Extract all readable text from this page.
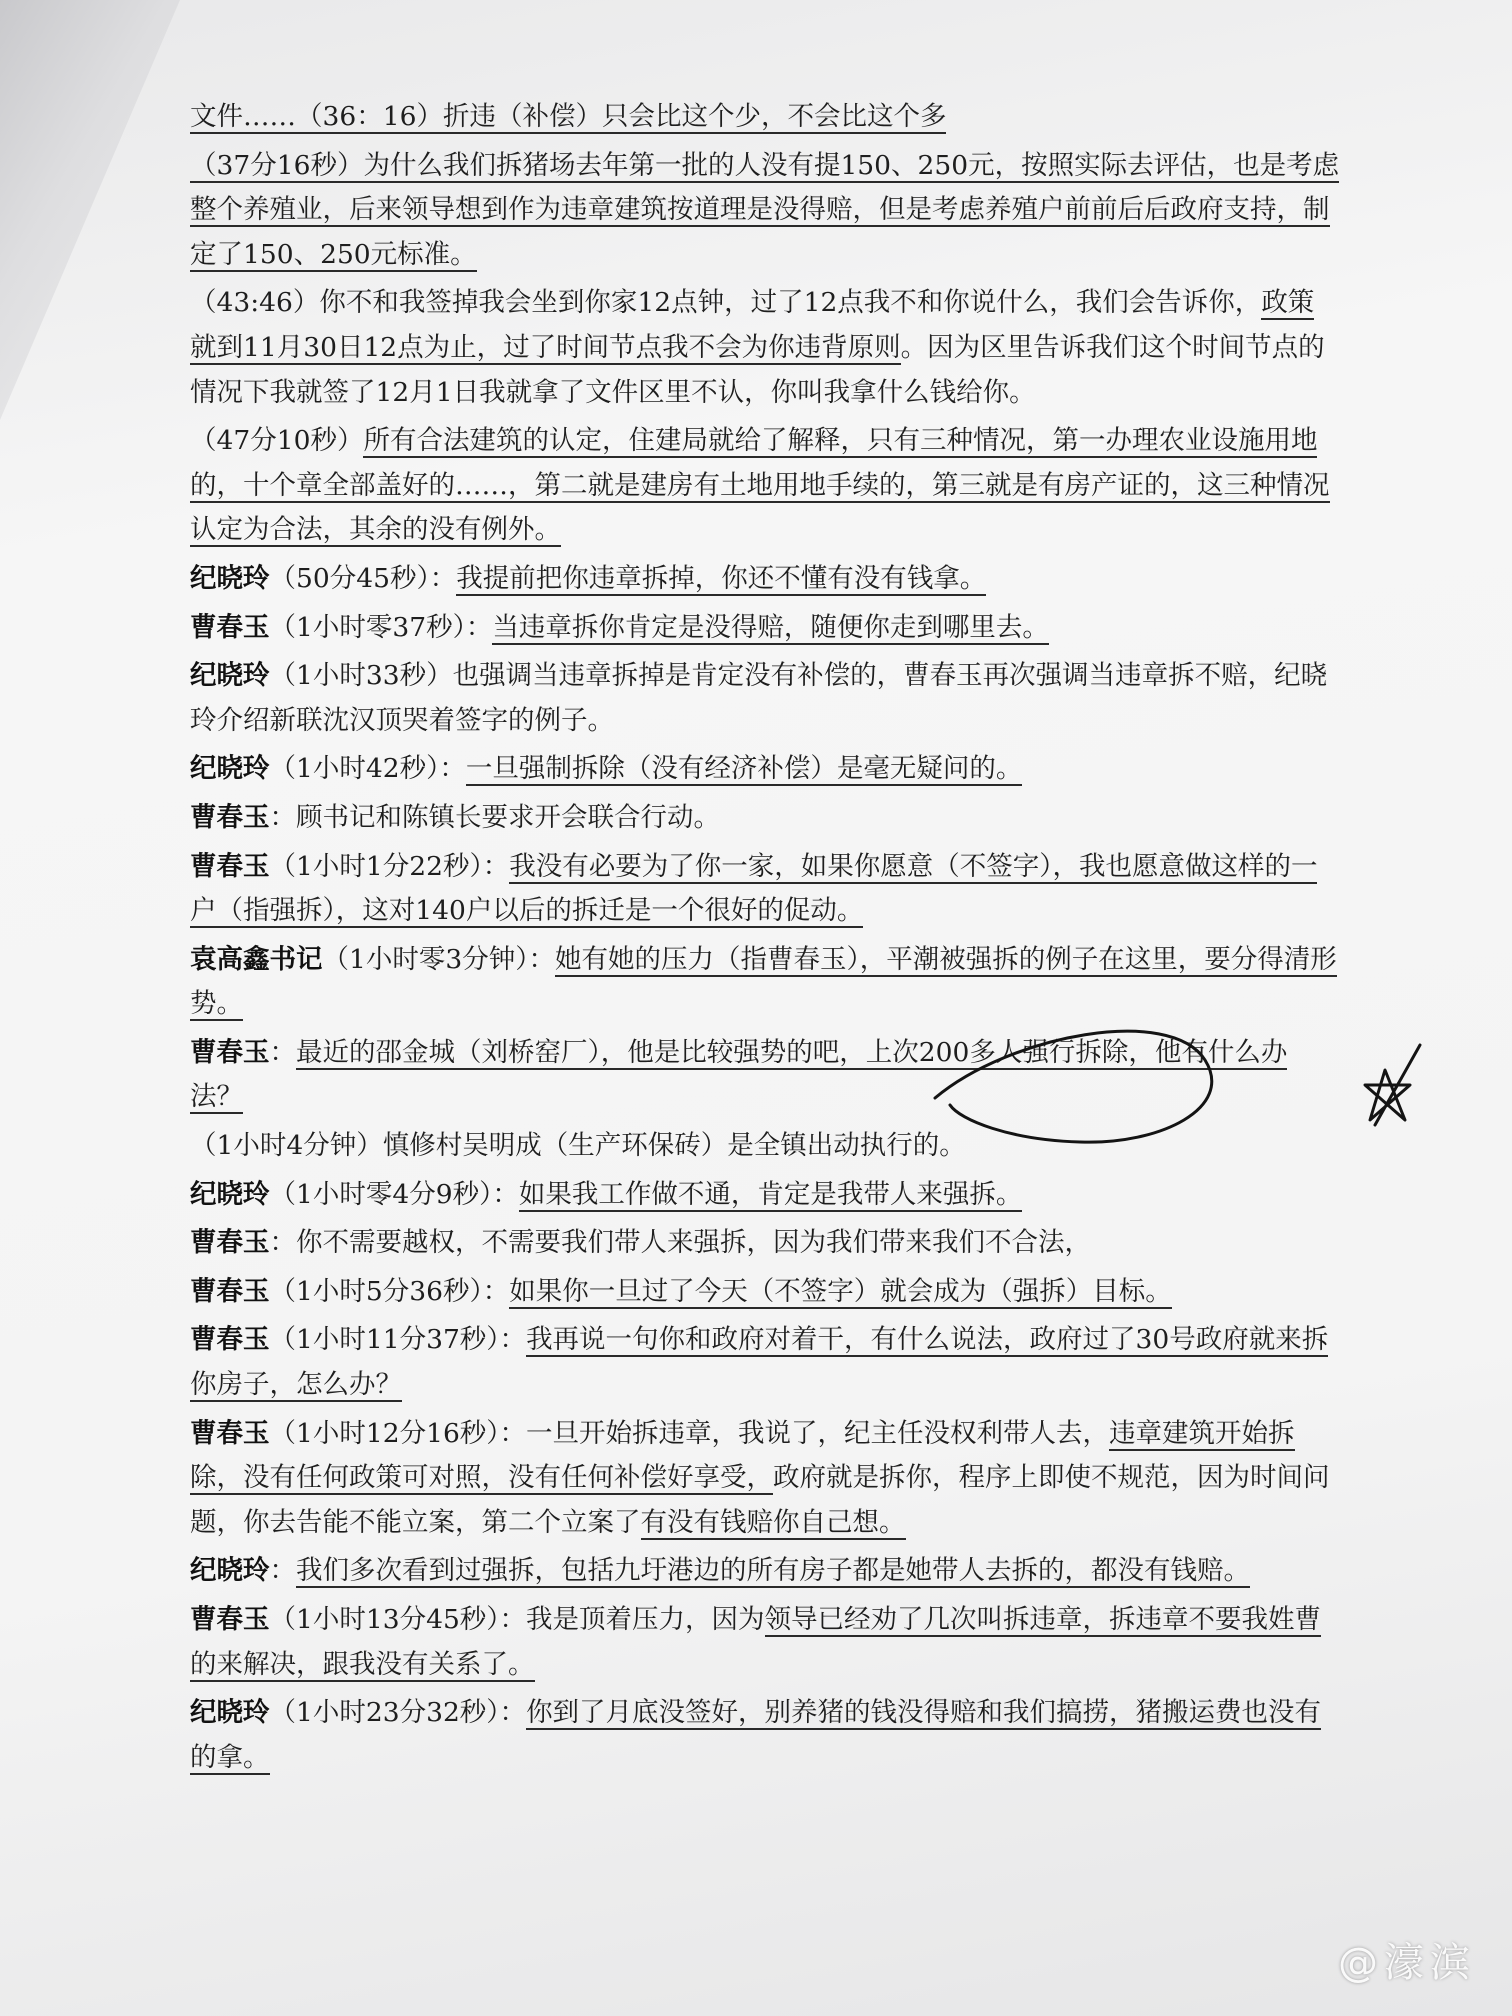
文件……（36：16）折违（补偿）只会比这个少，不会比这个多

（37分16秒）为什么我们拆猪场去年第一批的人没有提150、250元，按照实际去评估，也是考虑整个养殖业，后来领导想到作为违章建筑按道理是没得赔，但是考虑养殖户前前后后政府支持，制定了150、250元标准。

（43:46）你不和我签掉我会坐到你家12点钟，过了12点我不和你说什么，我们会告诉你，政策就到11月30日12点为止，过了时间节点我不会为你违背原则。因为区里告诉我们这个时间节点的情况下我就签了12月1日我就拿了文件区里不认，你叫我拿什么钱给你。

（47分10秒）所有合法建筑的认定，住建局就给了解释，只有三种情况，第一办理农业设施用地的，十个章全部盖好的……，第二就是建房有土地用地手续的，第三就是有房产证的，这三种情况认定为合法，其余的没有例外。

纪晓玲（50分45秒）：我提前把你违章拆掉，你还不懂有没有钱拿。

曹春玉（1小时零37秒）：当违章拆你肯定是没得赔，随便你走到哪里去。

纪晓玲（1小时33秒）也强调当违章拆掉是肯定没有补偿的，曹春玉再次强调当违章拆不赔，纪晓玲介绍新联沈汉顶哭着签字的例子。

纪晓玲（1小时42秒）：一旦强制拆除（没有经济补偿）是毫无疑问的。

曹春玉：顾书记和陈镇长要求开会联合行动。

曹春玉（1小时1分22秒）：我没有必要为了你一家，如果你愿意（不签字），我也愿意做这样的一户（指强拆），这对140户以后的拆迁是一个很好的促动。

袁高鑫书记（1小时零3分钟）：她有她的压力（指曹春玉），平潮被强拆的例子在这里，要分得清形势。

曹春玉：最近的邵金城（刘桥窑厂），他是比较强势的吧，上次200多人强行拆除，他有什么办法？

（1小时4分钟）慎修村吴明成（生产环保砖）是全镇出动执行的。

纪晓玲（1小时零4分9秒）：如果我工作做不通，肯定是我带人来强拆。

曹春玉：你不需要越权，不需要我们带人来强拆，因为我们带来我们不合法，

曹春玉（1小时5分36秒）：如果你一旦过了今天（不签字）就会成为（强拆）目标。

曹春玉（1小时11分37秒）：我再说一句你和政府对着干，有什么说法，政府过了30号政府就来拆你房子，怎么办？

曹春玉（1小时12分16秒）：一旦开始拆违章，我说了，纪主任没权利带人去，违章建筑开始拆除，没有任何政策可对照，没有任何补偿好享受，政府就是拆你，程序上即使不规范，因为时间问题，你去告能不能立案，第二个立案了有没有钱赔你自己想。

纪晓玲：我们多次看到过强拆，包括九圩港边的所有房子都是她带人去拆的，都没有钱赔。

曹春玉（1小时13分45秒）：我是顶着压力，因为领导已经劝了几次叫拆违章，拆违章不要我姓曹的来解决，跟我没有关系了。

纪晓玲（1小时23分32秒）：你到了月底没签好，别养猪的钱没得赔和我们搞捞，猪搬运费也没有的拿。

@濠滨
